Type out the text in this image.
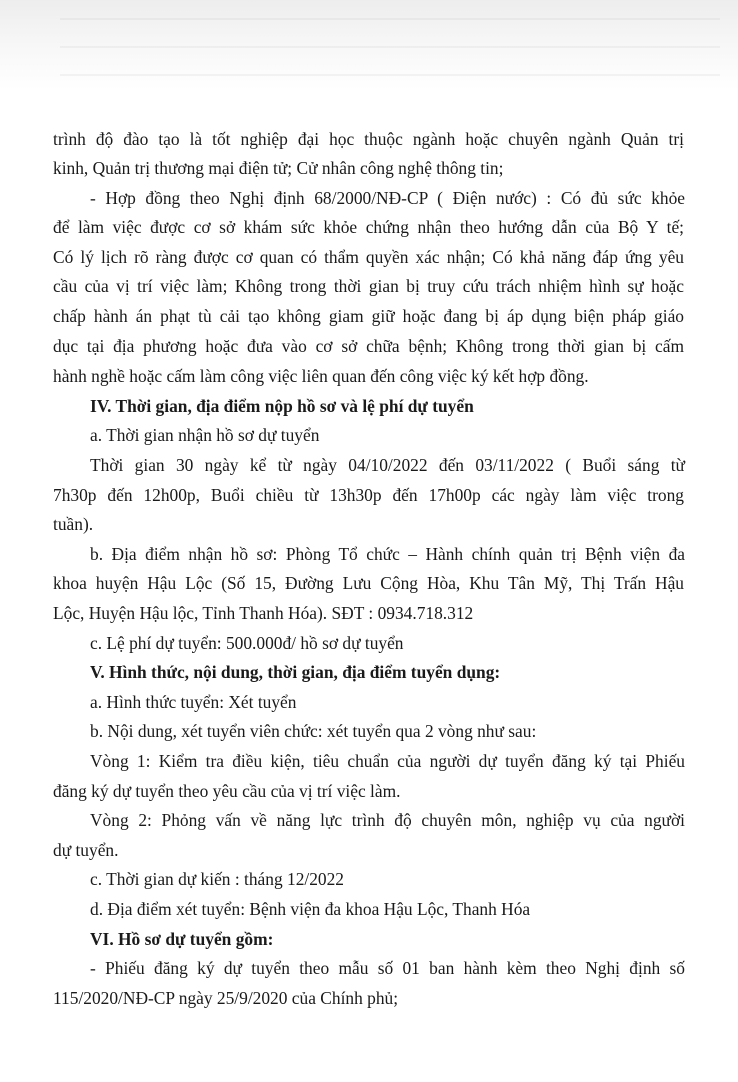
trình độ đào tạo là tốt nghiệp đại học thuộc ngành hoặc chuyên ngành Quản trị

kinh, Quản trị thương mại điện tử; Cử nhân công nghệ thông tin;

- Hợp đồng theo Nghị định 68/2000/NĐ-CP ( Điện nước) : Có đủ sức khỏe

để làm việc được cơ sở khám sức khỏe chứng nhận theo hướng dẫn của Bộ Y tế;

Có lý lịch rõ ràng được cơ quan có thẩm quyền xác nhận; Có khả năng đáp ứng yêu

cầu của vị trí việc làm; Không trong thời gian bị truy cứu trách nhiệm hình sự hoặc

chấp hành án phạt tù cải tạo không giam giữ hoặc đang bị áp dụng biện pháp giáo

dục tại địa phương hoặc đưa vào cơ sở chữa bệnh; Không trong thời gian bị cấm

hành nghề hoặc cấm làm công việc liên quan đến công việc ký kết hợp đồng.

IV. Thời gian, địa điểm nộp hồ sơ và lệ phí dự tuyển

a. Thời gian nhận hồ sơ dự tuyển

Thời gian 30 ngày kể từ ngày 04/10/2022 đến 03/11/2022 ( Buổi sáng từ

7h30p đến 12h00p, Buổi chiều từ 13h30p đến 17h00p các ngày làm việc trong

tuần).

b. Địa điểm nhận hồ sơ: Phòng Tổ chức – Hành chính quản trị Bệnh viện đa

khoa huyện Hậu Lộc (Số 15, Đường Lưu Cộng Hòa, Khu Tân Mỹ, Thị Trấn Hậu

Lộc, Huyện Hậu lộc, Tỉnh Thanh Hóa). SĐT : 0934.718.312

c. Lệ phí dự tuyển: 500.000đ/ hồ sơ dự tuyển

V. Hình thức, nội dung, thời gian, địa điểm tuyển dụng:

a. Hình thức tuyển: Xét tuyển

b. Nội dung, xét tuyển viên chức: xét tuyển qua 2 vòng như sau:

Vòng 1: Kiểm tra điều kiện, tiêu chuẩn của người dự tuyển đăng ký tại Phiếu

đăng ký dự tuyển theo yêu cầu của vị trí việc làm.

Vòng 2: Phỏng vấn về năng lực trình độ chuyên môn, nghiệp vụ của người

dự tuyển.

c. Thời gian dự kiến : tháng 12/2022

d. Địa điểm xét tuyển: Bệnh viện đa khoa Hậu Lộc, Thanh Hóa

VI. Hồ sơ dự tuyển gồm:

- Phiếu đăng ký dự tuyển theo mẫu số 01 ban hành kèm theo Nghị định số

115/2020/NĐ-CP ngày 25/9/2020 của Chính phủ;
